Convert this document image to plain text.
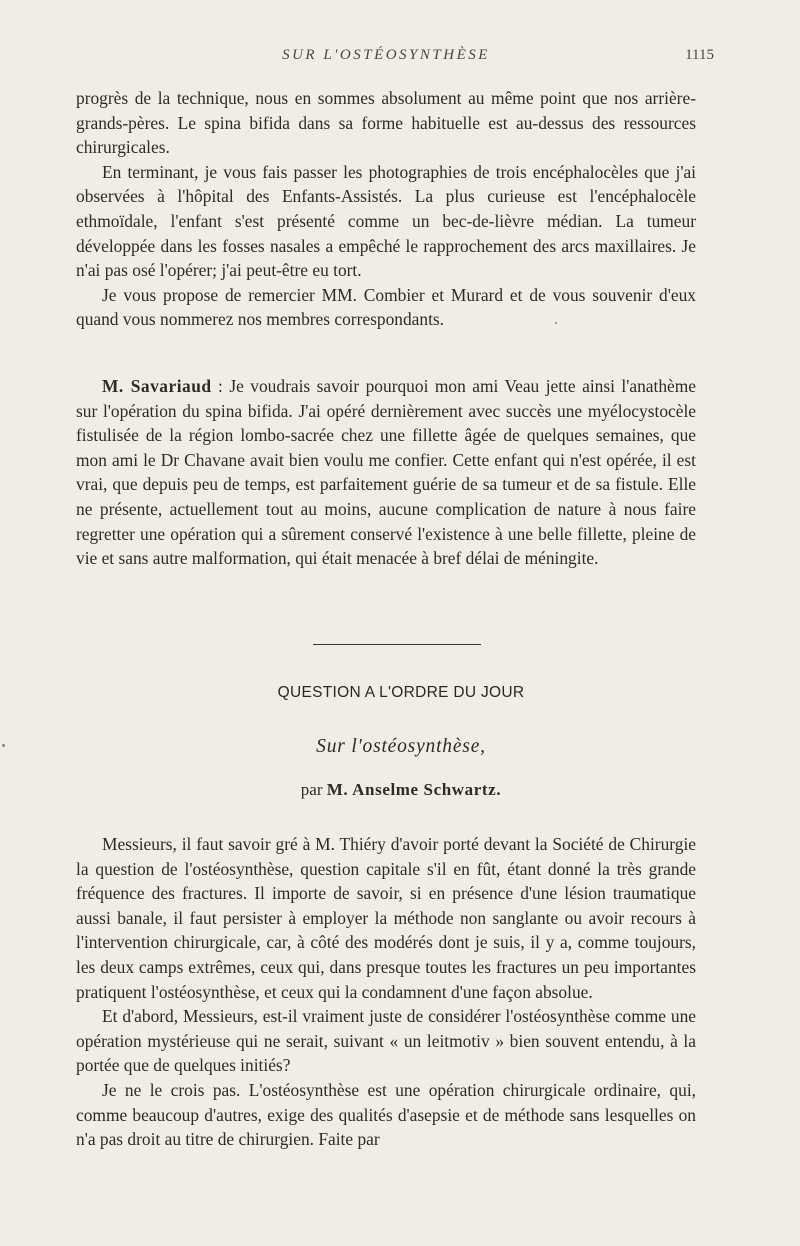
SUR L'OSTÉOSYNTHÈSE	1115

progrès de la technique, nous en sommes absolument au même point que nos arrière-grands-pères. Le spina bifida dans sa forme habituelle est au-dessus des ressources chirurgicales.

En terminant, je vous fais passer les photographies de trois encéphalocèles que j'ai observées à l'hôpital des Enfants-Assistés. La plus curieuse est l'encéphalocèle ethmoïdale, l'enfant s'est présenté comme un bec-de-lièvre médian. La tumeur développée dans les fosses nasales a empêché le rapprochement des arcs maxillaires. Je n'ai pas osé l'opérer; j'ai peut-être eu tort.

Je vous propose de remercier MM. Combier et Murard et de vous souvenir d'eux quand vous nommerez nos membres correspondants.

M. Savariaud : Je voudrais savoir pourquoi mon ami Veau jette ainsi l'anathème sur l'opération du spina bifida. J'ai opéré dernièrement avec succès une myélocystocèle fistulisée de la région lombo-sacrée chez une fillette âgée de quelques semaines, que mon ami le Dr Chavane avait bien voulu me confier. Cette enfant qui n'est opérée, il est vrai, que depuis peu de temps, est parfaitement guérie de sa tumeur et de sa fistule. Elle ne présente, actuellement tout au moins, aucune complication de nature à nous faire regretter une opération qui a sûrement conservé l'existence à une belle fillette, pleine de vie et sans autre malformation, qui était menacée à bref délai de méningite.

QUESTION A L'ORDRE DU JOUR
Sur l'ostéosynthèse,
par M. Anselme Schwartz.

Messieurs, il faut savoir gré à M. Thiéry d'avoir porté devant la Société de Chirurgie la question de l'ostéosynthèse, question capitale s'il en fût, étant donné la très grande fréquence des fractures. Il importe de savoir, si en présence d'une lésion traumatique aussi banale, il faut persister à employer la méthode non sanglante ou avoir recours à l'intervention chirurgicale, car, à côté des modérés dont je suis, il y a, comme toujours, les deux camps extrêmes, ceux qui, dans presque toutes les fractures un peu importantes pratiquent l'ostéosynthèse, et ceux qui la condamnent d'une façon absolue.

Et d'abord, Messieurs, est-il vraiment juste de considérer l'ostéosynthèse comme une opération mystérieuse qui ne serait, suivant « un leitmotiv » bien souvent entendu, à la portée que de quelques initiés?

Je ne le crois pas. L'ostéosynthèse est une opération chirurgicale ordinaire, qui, comme beaucoup d'autres, exige des qualités d'asepsie et de méthode sans lesquelles on n'a pas droit au titre de chirurgien. Faite par
